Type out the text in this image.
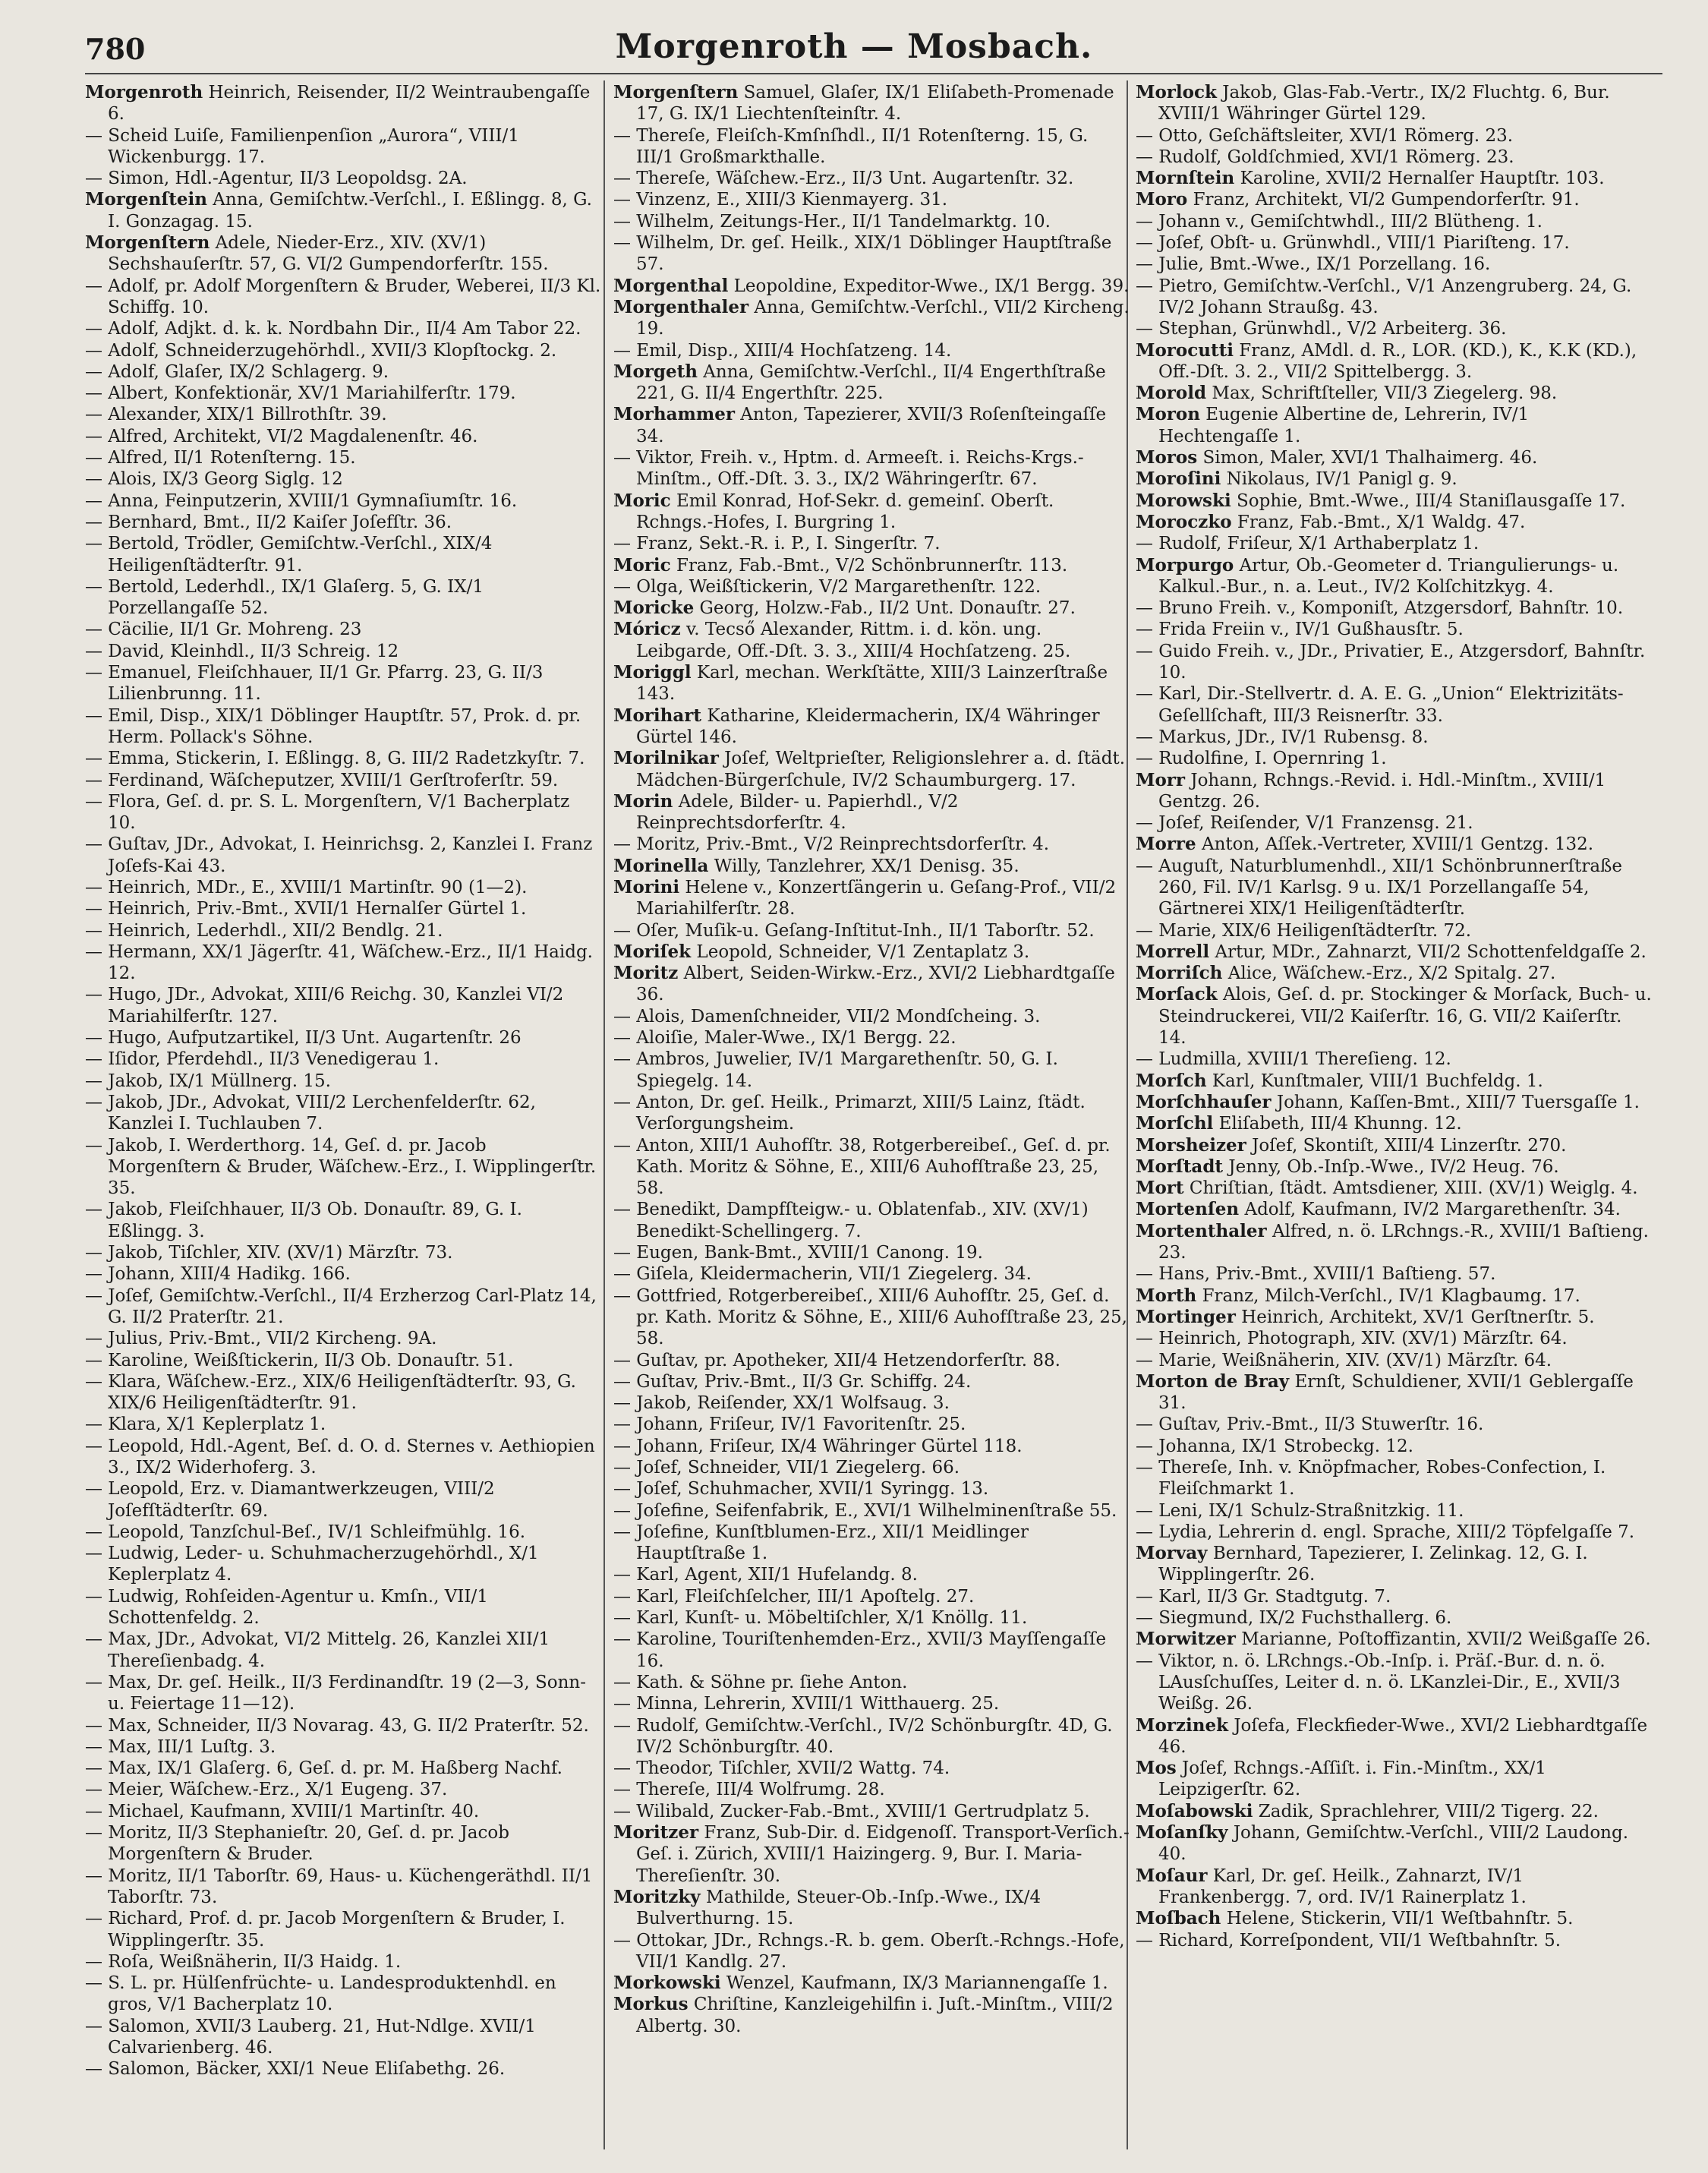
780	Morgenroth — Mosbach.

Morgenroth Heinrich, Reisender, II/2 Weintraubengaſſe 6.

— Scheid Luiſe, Familienpenſion „Aurora“, VIII/1 Wickenburgg. 17.

— Simon, Hdl.-Agentur, II/3 Leopoldsg. 2A.

Morgenſtein Anna, Gemiſchtw.-Verſchl., I. Eßlingg. 8, G. I. Gonzagag. 15.

Morgenſtern Adele, Nieder-Erz., XIV. (XV/1) Sechshauſerſtr. 57, G. VI/2 Gumpendorferſtr. 155.

— Adolf, pr. Adolf Morgenſtern & Bruder, Weberei, II/3 Kl. Schiffg. 10.

— Adolf, Adjkt. d. k. k. Nordbahn Dir., II/4 Am Tabor 22.

— Adolf, Schneiderzugehörhdl., XVII/3 Klopſtockg. 2.

— Adolf, Glaſer, IX/2 Schlagerg. 9.

— Albert, Konfektionär, XV/1 Mariahilferſtr. 179.

— Alexander, XIX/1 Billrothſtr. 39.

— Alfred, Architekt, VI/2 Magdalenenſtr. 46.

— Alfred, II/1 Rotenſterng. 15.

— Alois, IX/3 Georg Siglg. 12

— Anna, Feinputzerin, XVIII/1 Gymnaſiumſtr. 16.

— Bernhard, Bmt., II/2 Kaiſer Joſefſtr. 36.

— Bertold, Trödler, Gemiſchtw.-Verſchl., XIX/4 Heiligenſtädterſtr. 91.

— Bertold, Lederhdl., IX/1 Glaſerg. 5, G. IX/1 Porzellangaſſe 52.

— Cäcilie, II/1 Gr. Mohreng. 23

— David, Kleinhdl., II/3 Schreig. 12

— Emanuel, Fleiſchhauer, II/1 Gr. Pfarrg. 23, G. II/3 Lilienbrunng. 11.

— Emil, Disp., XIX/1 Döblinger Hauptſtr. 57, Prok. d. pr. Herm. Pollack's Söhne.

— Emma, Stickerin, I. Eßlingg. 8, G. III/2 Radetzkyſtr. 7.

— Ferdinand, Wäſcheputzer, XVIII/1 Gerſtroferſtr. 59.

— Flora, Geſ. d. pr. S. L. Morgenſtern, V/1 Bacherplatz 10.

— Guſtav, JDr., Advokat, I. Heinrichsg. 2, Kanzlei I. Franz Joſefs-Kai 43.

— Heinrich, MDr., E., XVIII/1 Martinſtr. 90 (1—2).

— Heinrich, Priv.-Bmt., XVII/1 Hernalſer Gürtel 1.

— Heinrich, Lederhdl., XII/2 Bendlg. 21.

— Hermann, XX/1 Jägerſtr. 41, Wäſchew.-Erz., II/1 Haidg. 12.

— Hugo, JDr., Advokat, XIII/6 Reichg. 30, Kanzlei VI/2 Mariahilferſtr. 127.

— Hugo, Aufputzartikel, II/3 Unt. Augartenſtr. 26

— Iſidor, Pferdehdl., II/3 Venedigerau 1.

— Jakob, IX/1 Müllnerg. 15.

— Jakob, JDr., Advokat, VIII/2 Lerchenfelderſtr. 62, Kanzlei I. Tuchlauben 7.

— Jakob, I. Werderthorg. 14, Geſ. d. pr. Jacob Morgenſtern & Bruder, Wäſchew.-Erz., I. Wipplingerſtr. 35.

— Jakob, Fleiſchhauer, II/3 Ob. Donauſtr. 89, G. I. Eßlingg. 3.

— Jakob, Tiſchler, XIV. (XV/1) Märzſtr. 73.

— Johann, XIII/4 Hadikg. 166.

— Joſef, Gemiſchtw.-Verſchl., II/4 Erzherzog Carl-Platz 14, G. II/2 Praterſtr. 21.

— Julius, Priv.-Bmt., VII/2 Kircheng. 9A.

— Karoline, Weißſtickerin, II/3 Ob. Donauſtr. 51.

— Klara, Wäſchew.-Erz., XIX/6 Heiligenſtädterſtr. 93, G. XIX/6 Heiligenſtädterſtr. 91.

— Klara, X/1 Keplerplatz 1.

— Leopold, Hdl.-Agent, Beſ. d. O. d. Sternes v. Aethiopien 3., IX/2 Widerhoferg. 3.

— Leopold, Erz. v. Diamantwerkzeugen, VIII/2 Joſefſtädterſtr. 69.

— Leopold, Tanzſchul-Beſ., IV/1 Schleifmühlg. 16.

— Ludwig, Leder- u. Schuhmacherzugehörhdl., X/1 Keplerplatz 4.

— Ludwig, Rohſeiden-Agentur u. Kmſn., VII/1 Schottenfeldg. 2.

— Max, JDr., Advokat, VI/2 Mittelg. 26, Kanzlei XII/1 Thereſienbadg. 4.

— Max, Dr. geſ. Heilk., II/3 Ferdinandſtr. 19 (2—3, Sonn- u. Feiertage 11—12).

— Max, Schneider, II/3 Novarag. 43, G. II/2 Praterſtr. 52.

— Max, III/1 Luſtg. 3.

— Max, IX/1 Glaſerg. 6, Geſ. d. pr. M. Haßberg Nachf.

— Meier, Wäſchew.-Erz., X/1 Eugeng. 37.

— Michael, Kaufmann, XVIII/1 Martinſtr. 40.

— Moritz, II/3 Stephanieſtr. 20, Geſ. d. pr. Jacob Morgenſtern & Bruder.

— Moritz, II/1 Taborſtr. 69, Haus- u. Küchengeräthdl. II/1 Taborſtr. 73.

— Richard, Prof. d. pr. Jacob Morgenſtern & Bruder, I. Wipplingerſtr. 35.

— Roſa, Weißnäherin, II/3 Haidg. 1.

— S. L. pr. Hülſenfrüchte- u. Landesproduktenhdl. en gros, V/1 Bacherplatz 10.

— Salomon, XVII/3 Lauberg. 21, Hut-Ndlge. XVII/1 Calvarienberg. 46.

— Salomon, Bäcker, XXI/1 Neue Eliſabethg. 26.

Morgenſtern Samuel, Glaſer, IX/1 Eliſabeth-Promenade 17, G. IX/1 Liechtenſteinſtr. 4.

— Thereſe, Fleiſch-Kmſnſhdl., II/1 Rotenſterng. 15, G. III/1 Großmarkthalle.

— Thereſe, Wäſchew.-Erz., II/3 Unt. Augartenſtr. 32.

— Vinzenz, E., XIII/3 Kienmayerg. 31.

— Wilhelm, Zeitungs-Her., II/1 Tandelmarktg. 10.

— Wilhelm, Dr. geſ. Heilk., XIX/1 Döblinger Hauptſtraße 57.

Morgenthal Leopoldine, Expeditor-Wwe., IX/1 Bergg. 39.

Morgenthaler Anna, Gemiſchtw.-Verſchl., VII/2 Kircheng. 19.

— Emil, Disp., XIII/4 Hochſatzeng. 14.

Morgeth Anna, Gemiſchtw.-Verſchl., II/4 Engerthſtraße 221, G. II/4 Engerthſtr. 225.

Morhammer Anton, Tapezierer, XVII/3 Roſenſteingaſſe 34.

— Viktor, Freih. v., Hptm. d. Armeeſt. i. Reichs-Krgs.-Minſtm., Off.-Dſt. 3. 3., IX/2 Währingerſtr. 67.

Moric Emil Konrad, Hof-Sekr. d. gemeinſ. Oberſt. Rchngs.-Hofes, I. Burgring 1.

— Franz, Sekt.-R. i. P., I. Singerſtr. 7.

Moric Franz, Fab.-Bmt., V/2 Schönbrunnerſtr. 113.

— Olga, Weißſtickerin, V/2 Margarethenſtr. 122.

Moricke Georg, Holzw.-Fab., II/2 Unt. Donauſtr. 27.

Móricz v. Tecső Alexander, Rittm. i. d. kön. ung. Leibgarde, Off.-Dſt. 3. 3., XIII/4 Hochſatzeng. 25.

Moriggl Karl, mechan. Werkſtätte, XIII/3 Lainzerſtraße 143.

Morihart Katharine, Kleidermacherin, IX/4 Währinger Gürtel 146.

Morilnikar Joſef, Weltprieſter, Religionslehrer a. d. ſtädt. Mädchen-Bürgerſchule, IV/2 Schaumburgerg. 17.

Morin Adele, Bilder- u. Papierhdl., V/2 Reinprechtsdorferſtr. 4.

— Moritz, Priv.-Bmt., V/2 Reinprechtsdorferſtr. 4.

Morinella Willy, Tanzlehrer, XX/1 Denisg. 35.

Morini Helene v., Konzertſängerin u. Geſang-Prof., VII/2 Mariahilferſtr. 28.

— Oſer, Muſik-u. Geſang-Inſtitut-Inh., II/1 Taborſtr. 52.

Moriſek Leopold, Schneider, V/1 Zentaplatz 3.

Moritz Albert, Seiden-Wirkw.-Erz., XVI/2 Liebhardtgaſſe 36.

— Alois, Damenſchneider, VII/2 Mondſcheing. 3.

— Aloiſie, Maler-Wwe., IX/1 Bergg. 22.

— Ambros, Juwelier, IV/1 Margarethenſtr. 50, G. I. Spiegelg. 14.

— Anton, Dr. geſ. Heilk., Primarzt, XIII/5 Lainz, ſtädt. Verſorgungsheim.

— Anton, XIII/1 Auhofſtr. 38, Rotgerbereibeſ., Geſ. d. pr. Kath. Moritz & Söhne, E., XIII/6 Auhofſtraße 23, 25, 58.

— Benedikt, Dampfſteigw.- u. Oblatenfab., XIV. (XV/1) Benedikt-Schellingerg. 7.

— Eugen, Bank-Bmt., XVIII/1 Canong. 19.

— Giſela, Kleidermacherin, VII/1 Ziegelerg. 34.

— Gottfried, Rotgerbereibeſ., XIII/6 Auhofſtr. 25, Geſ. d. pr. Kath. Moritz & Söhne, E., XIII/6 Auhofſtraße 23, 25, 58.

— Guſtav, pr. Apotheker, XII/4 Hetzendorferſtr. 88.

— Guſtav, Priv.-Bmt., II/3 Gr. Schiffg. 24.

— Jakob, Reiſender, XX/1 Wolfsaug. 3.

— Johann, Friſeur, IV/1 Favoritenſtr. 25.

— Johann, Friſeur, IX/4 Währinger Gürtel 118.

— Joſef, Schneider, VII/1 Ziegelerg. 66.

— Joſef, Schuhmacher, XVII/1 Syringg. 13.

— Joſefine, Seifenfabrik, E., XVI/1 Wilhelminenſtraße 55.

— Joſefine, Kunſtblumen-Erz., XII/1 Meidlinger Hauptſtraße 1.

— Karl, Agent, XII/1 Hufelandg. 8.

— Karl, Fleiſchſelcher, III/1 Apoſtelg. 27.

— Karl, Kunſt- u. Möbeltiſchler, X/1 Knöllg. 11.

— Karoline, Touriſtenhemden-Erz., XVII/3 Mayſſengaſſe 16.

— Kath. & Söhne pr. ſiehe Anton.

— Minna, Lehrerin, XVIII/1 Witthauerg. 25.

— Rudolf, Gemiſchtw.-Verſchl., IV/2 Schönburgſtr. 4D, G. IV/2 Schönburgſtr. 40.

— Theodor, Tiſchler, XVII/2 Wattg. 74.

— Thereſe, III/4 Wolfrumg. 28.

— Wilibald, Zucker-Fab.-Bmt., XVIII/1 Gertrudplatz 5.

Moritzer Franz, Sub-Dir. d. Eidgenoſſ. Transport-Verſich.-Geſ. i. Zürich, XVIII/1 Haizingerg. 9, Bur. I. Maria-Thereſienſtr. 30.

Moritzky Mathilde, Steuer-Ob.-Inſp.-Wwe., IX/4 Bulverthurng. 15.

— Ottokar, JDr., Rchngs.-R. b. gem. Oberſt.-Rchngs.-Hofe, VII/1 Kandlg. 27.

Morkowski Wenzel, Kaufmann, IX/3 Mariannengaſſe 1.

Morkus Chriſtine, Kanzleigehilfin i. Juſt.-Minſtm., VIII/2 Albertg. 30.

Morlock Jakob, Glas-Fab.-Vertr., IX/2 Fluchtg. 6, Bur. XVIII/1 Währinger Gürtel 129.

— Otto, Geſchäftsleiter, XVI/1 Römerg. 23.

— Rudolf, Goldſchmied, XVI/1 Römerg. 23.

Mornſtein Karoline, XVII/2 Hernalſer Hauptſtr. 103.

Moro Franz, Architekt, VI/2 Gumpendorferſtr. 91.

— Johann v., Gemiſchtwhdl., III/2 Blütheng. 1.

— Joſef, Obſt- u. Grünwhdl., VIII/1 Piariſteng. 17.

— Julie, Bmt.-Wwe., IX/1 Porzellang. 16.

— Pietro, Gemiſchtw.-Verſchl., V/1 Anzengruberg. 24, G. IV/2 Johann Straußg. 43.

— Stephan, Grünwhdl., V/2 Arbeiterg. 36.

Morocutti Franz, AMdl. d. R., LOR. (KD.), K., K.K (KD.), Off.-Dſt. 3. 2., VII/2 Spittelbergg. 3.

Morold Max, Schriftſteller, VII/3 Ziegelerg. 98.

Moron Eugenie Albertine de, Lehrerin, IV/1 Hechtengaſſe 1.

Moros Simon, Maler, XVI/1 Thalhaimerg. 46.

Moroſini Nikolaus, IV/1 Panigl g. 9.

Morowski Sophie, Bmt.-Wwe., III/4 Staniſlausgaſſe 17.

Moroczko Franz, Fab.-Bmt., X/1 Waldg. 47.

— Rudolf, Friſeur, X/1 Arthaberplatz 1.

Morpurgo Artur, Ob.-Geometer d. Triangulierungs- u. Kalkul.-Bur., n. a. Leut., IV/2 Kolſchitzkyg. 4.

— Bruno Freih. v., Komponiſt, Atzgersdorf, Bahnſtr. 10.

— Frida Freiin v., IV/1 Gußhausſtr. 5.

— Guido Freih. v., JDr., Privatier, E., Atzgersdorf, Bahnſtr. 10.

— Karl, Dir.-Stellvertr. d. A. E. G. „Union“ Elektrizitäts-Geſellſchaft, III/3 Reisnerſtr. 33.

— Markus, JDr., IV/1 Rubensg. 8.

— Rudolfine, I. Opernring 1.

Morr Johann, Rchngs.-Revid. i. Hdl.-Minſtm., XVIII/1 Gentzg. 26.

— Joſef, Reiſender, V/1 Franzensg. 21.

Morre Anton, Aſſek.-Vertreter, XVIII/1 Gentzg. 132.

— Auguſt, Naturblumenhdl., XII/1 Schönbrunnerſtraße 260, Fil. IV/1 Karlsg. 9 u. IX/1 Porzellangaſſe 54, Gärtnerei XIX/1 Heiligenſtädterſtr.

— Marie, XIX/6 Heiligenſtädterſtr. 72.

Morrell Artur, MDr., Zahnarzt, VII/2 Schottenfeldgaſſe 2.

Morriſch Alice, Wäſchew.-Erz., X/2 Spitalg. 27.

Morſack Alois, Geſ. d. pr. Stockinger & Morſack, Buch- u. Steindruckerei, VII/2 Kaiſerſtr. 16, G. VII/2 Kaiſerſtr. 14.

— Ludmilla, XVIII/1 Thereſieng. 12.

Morſch Karl, Kunſtmaler, VIII/1 Buchfeldg. 1.

Morſchhauſer Johann, Kaſſen-Bmt., XIII/7 Tuersgaſſe 1.

Morſchl Eliſabeth, III/4 Khunng. 12.

Morsheizer Joſef, Skontiſt, XIII/4 Linzerſtr. 270.

Morſtadt Jenny, Ob.-Inſp.-Wwe., IV/2 Heug. 76.

Mort Chriſtian, ſtädt. Amtsdiener, XIII. (XV/1) Weiglg. 4.

Mortenſen Adolf, Kaufmann, IV/2 Margarethenſtr. 34.

Mortenthaler Alfred, n. ö. LRchngs.-R., XVIII/1 Baſtieng. 23.

— Hans, Priv.-Bmt., XVIII/1 Baſtieng. 57.

Morth Franz, Milch-Verſchl., IV/1 Klagbaumg. 17.

Mortinger Heinrich, Architekt, XV/1 Gerſtnerſtr. 5.

— Heinrich, Photograph, XIV. (XV/1) Märzſtr. 64.

— Marie, Weißnäherin, XIV. (XV/1) Märzſtr. 64.

Morton de Bray Ernſt, Schuldiener, XVII/1 Geblergaſſe 31.

— Guſtav, Priv.-Bmt., II/3 Stuwerſtr. 16.

— Johanna, IX/1 Strobeckg. 12.

— Thereſe, Inh. v. Knöpfmacher, Robes-Confection, I. Fleiſchmarkt 1.

— Leni, IX/1 Schulz-Straßnitzkig. 11.

— Lydia, Lehrerin d. engl. Sprache, XIII/2 Töpfelgaſſe 7.

Morvay Bernhard, Tapezierer, I. Zelinkag. 12, G. I. Wipplingerſtr. 26.

— Karl, II/3 Gr. Stadtgutg. 7.

— Siegmund, IX/2 Fuchsthallerg. 6.

Morwitzer Marianne, Poſtoffizantin, XVII/2 Weißgaſſe 26.

— Viktor, n. ö. LRchngs.-Ob.-Inſp. i. Präſ.-Bur. d. n. ö. LAusſchuſſes, Leiter d. n. ö. LKanzlei-Dir., E., XVII/3 Weißg. 26.

Morzinek Joſefa, Fleckfieder-Wwe., XVI/2 Liebhardtgaſſe 46.

Mos Joſef, Rchngs.-Aſſiſt. i. Fin.-Minſtm., XX/1 Leipzigerſtr. 62.

Moſabowski Zadik, Sprachlehrer, VIII/2 Tigerg. 22.

Moſanſky Johann, Gemiſchtw.-Verſchl., VIII/2 Laudong. 40.

Moſaur Karl, Dr. geſ. Heilk., Zahnarzt, IV/1 Frankenbergg. 7, ord. IV/1 Rainerplatz 1.

Moſbach Helene, Stickerin, VII/1 Weſtbahnſtr. 5.

— Richard, Korreſpondent, VII/1 Weſtbahnſtr. 5.
